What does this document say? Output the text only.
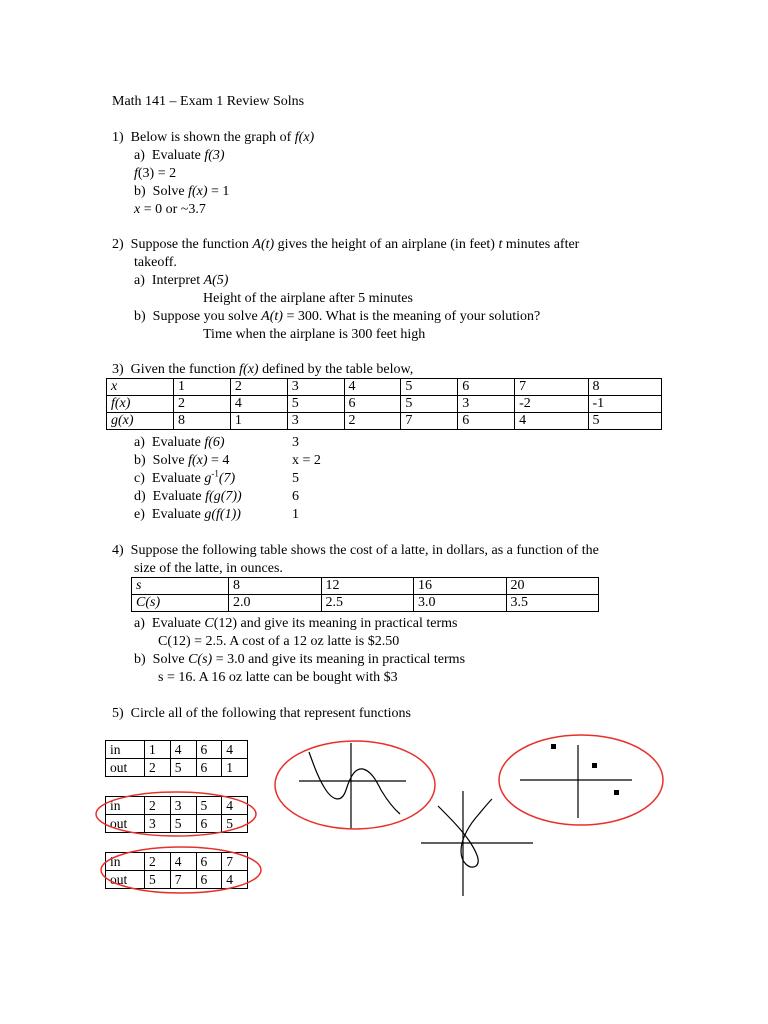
Math 141 – Exam 1 Review Solns
1) Below is shown the graph of f(x)
a) Evaluate f(3)
f(3) = 2
b) Solve f(x) = 1
x = 0 or ~3.7
2) Suppose the function A(t) gives the height of an airplane (in feet) t minutes after
takeoff.
a) Interpret A(5)
Height of the airplane after 5 minutes
b) Suppose you solve A(t) = 300. What is the meaning of your solution?
Time when the airplane is 300 feet high
3) Given the function f(x) defined by the table below,
x	1	2	3	4	5	6	7	8
f(x)	2	4	5	6	5	3	-2	-1
g(x)	8	1	3	2	7	6	4	5
a) Evaluate f(6)	3
b) Solve f(x) = 4	x = 2
c) Evaluate $g^{-1}(7)$	5
d) Evaluate f(g(7))	6
e) Evaluate g(f(1))	1
4) Suppose the following table shows the cost of a latte, in dollars, as a function of the
size of the latte, in ounces.
s	8	12	16	20
C(s)	2.0	2.5	3.0	3.5
a) Evaluate C(12) and give its meaning in practical terms
C(12) = 2.5. A cost of a 12 oz latte is $2.50
b) Solve C(s) = 3.0 and give its meaning in practical terms
s = 16. A 16 oz latte can be bought with $3
5) Circle all of the following that represent functions
in	1	4	6	4
out	2	5	6	1
in	2	3	5	4
out	3	5	6	5
in	2	4	6	7
out	5	7	6	4
